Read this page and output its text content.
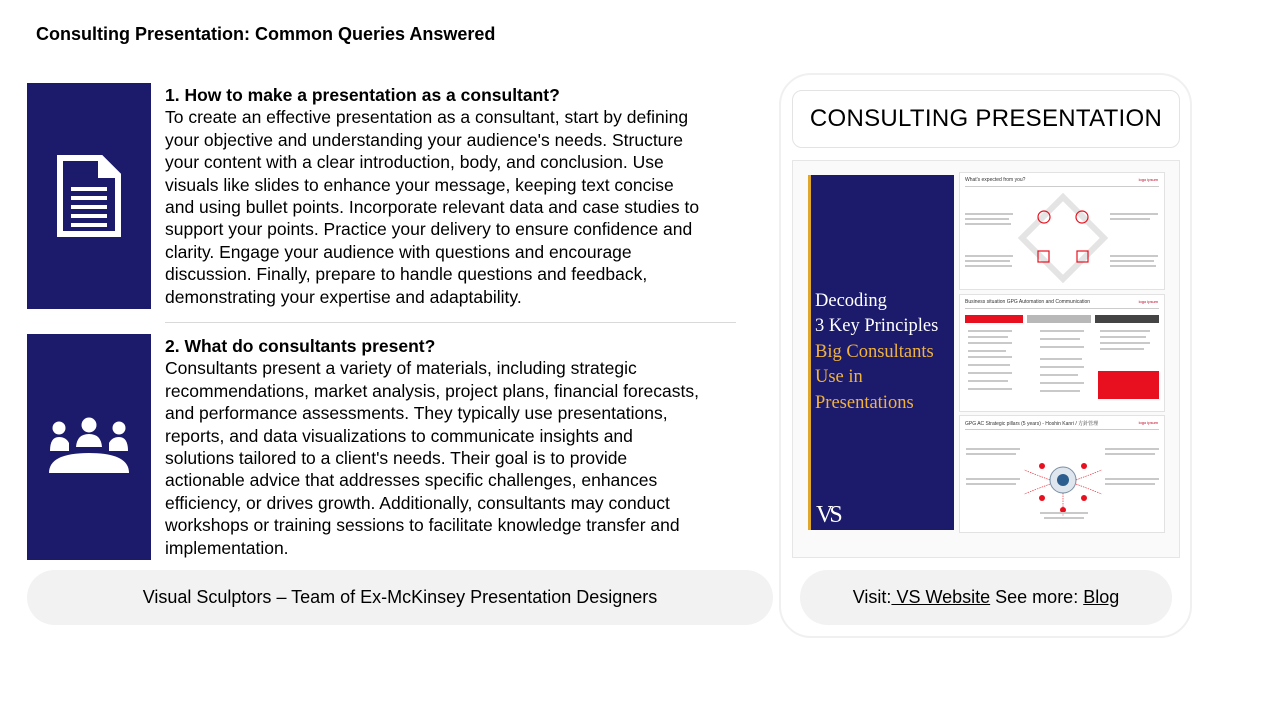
Consulting Presentation: Common Queries Answered
1. How to make a presentation as a consultant?
To create an effective presentation as a consultant, start by defining
your objective and understanding your audience's needs. Structure
your content with a clear introduction, body, and conclusion. Use
visuals like slides to enhance your message, keeping text concise
and using bullet points. Incorporate relevant data and case studies to
support your points. Practice your delivery to ensure confidence and
clarity. Engage your audience with questions and encourage
discussion. Finally, prepare to handle questions and feedback,
demonstrating your expertise and adaptability.
2. What do consultants present?
Consultants present a variety of materials, including strategic
recommendations, market analysis, project plans, financial forecasts,
and performance assessments. They typically use presentations,
reports, and data visualizations to communicate insights and
solutions tailored to a client's needs. Their goal is to provide
actionable advice that addresses specific challenges, enhances
efficiency, or drives growth. Additionally, consultants may conduct
workshops or training sessions to facilitate knowledge transfer and
implementation.
CONSULTING PRESENTATION
Decoding
3 Key Principles
Big Consultants
Use in
Presentations
VS
What's expected from you?	logo ipsum
Business situation GPG Automation and Communication	logo ipsum
GPG AC Strategic pillars (5 years) - Hoshin Kanri / 方針管理	logo ipsum
Visual Sculptors – Team of Ex-McKinsey Presentation Designers	Visit: VS Website See more: Blog
